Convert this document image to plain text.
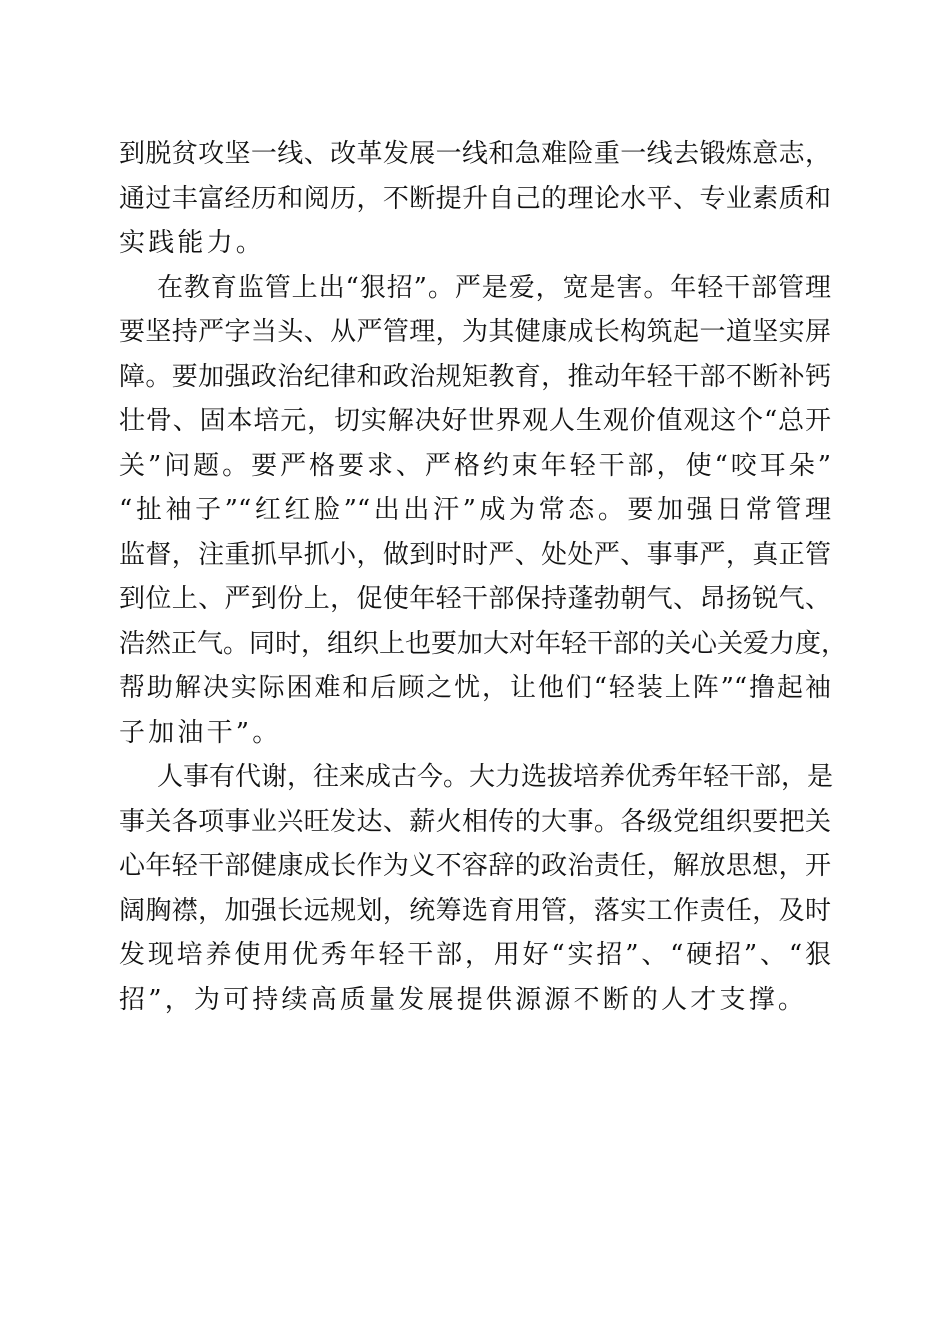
到脱贫攻坚一线、改革发展一线和急难险重一线去锻炼意志，
通过丰富经历和阅历，不断提升自己的理论水平、专业素质和
实践能力。
在教育监管上出“狠招”。严是爱，宽是害。年轻干部管理
要坚持严字当头、从严管理，为其健康成长构筑起一道坚实屏
障。要加强政治纪律和政治规矩教育，推动年轻干部不断补钙
壮骨、固本培元，切实解决好世界观人生观价值观这个“总开
关”问题。要严格要求、严格约束年轻干部，使“咬耳朵”
“扯袖子”“红红脸”“出出汗”成为常态。要加强日常管理
监督，注重抓早抓小，做到时时严、处处严、事事严，真正管
到位上、严到份上，促使年轻干部保持蓬勃朝气、昂扬锐气、
浩然正气。同时，组织上也要加大对年轻干部的关心关爱力度，
帮助解决实际困难和后顾之忧，让他们“轻装上阵”“撸起袖
子加油干”。
人事有代谢，往来成古今。大力选拔培养优秀年轻干部，是
事关各项事业兴旺发达、薪火相传的大事。各级党组织要把关
心年轻干部健康成长作为义不容辞的政治责任，解放思想，开
阔胸襟，加强长远规划，统筹选育用管，落实工作责任，及时
发现培养使用优秀年轻干部，用好“实招”、“硬招”、“狠
招”，为可持续高质量发展提供源源不断的人才支撑。
